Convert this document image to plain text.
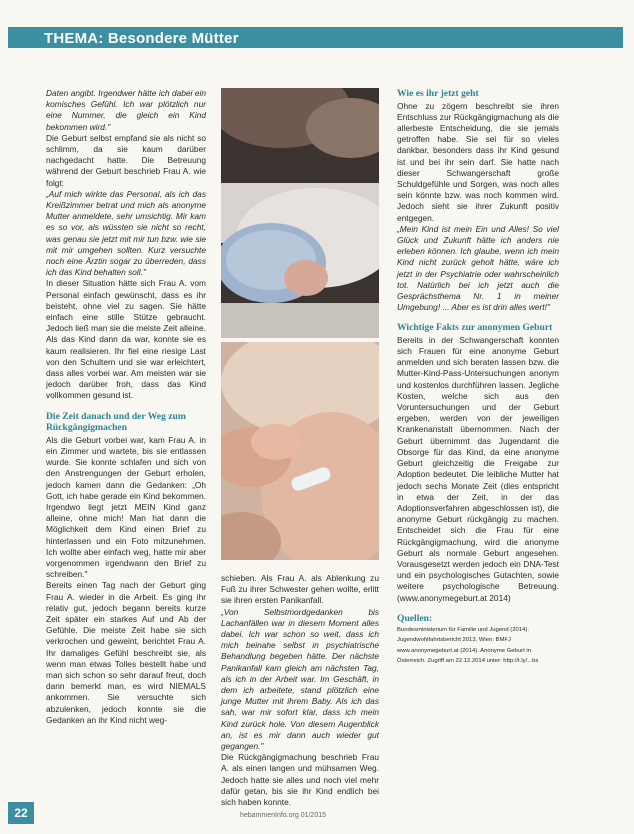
THEMA: Besondere Mütter

Daten angibt. Irgendwer hätte ich dabei ein komisches Gefühl. Ich war plötzlich nur eine Nummer, die gleich ein Kind bekommen wird."

Die Geburt selbst empfand sie als nicht so schlimm, da sie kaum darüber nachgedacht hatte. Die Betreuung während der Geburt beschrieb Frau A. wie folgt:

„Auf mich wirkte das Personal, als ich das Kreißzimmer betrat und mich als anonyme Mutter anmeldete, sehr umsichtig. Mir kam es so vor, als wüssten sie nicht so recht, was genau sie jetzt mit mir tun bzw. wie sie mit mir umgehen sollten. Kurz versuchte noch eine Ärztin sogar zu überreden, dass ich das Kind behalten soll."

In dieser Situation hätte sich Frau A. vom Personal einfach gewünscht, dass es ihr beisteht, ohne viel zu sagen. Sie hätte einfach eine stille Stütze gebraucht. Jedoch ließ man sie die meiste Zeit alleine. Als das Kind dann da war, konnte sie es kaum realisieren. Ihr fiel eine riesige Last von den Schultern und sie war erleichtert, dass alles vorbei war. Am meisten war sie jedoch darüber froh, dass das Kind vollkommen gesund ist.

Die Zeit danach und der Weg zum Rückgängigmachen

Als die Geburt vorbei war, kam Frau A. in ein Zimmer und wartete, bis sie entlassen wurde. Sie konnte schlafen und sich von den Anstrengungen der Geburt erholen, jedoch kamen dann die Gedanken: „Oh Gott, ich habe gerade ein Kind bekommen. Irgendwo liegt jetzt MEIN Kind ganz alleine, ohne mich! Man hat dann die Möglichkeit dem Kind einen Brief zu hinterlassen und ein Foto mitzunehmen. Ich wollte aber einfach weg, hatte mir aber vorgenommen irgendwann den Brief zu schreiben."

Bereits einen Tag nach der Geburt ging Frau A. wieder in die Arbeit. Es ging ihr relativ gut, jedoch begann bereits kurze Zeit später ein starkes Auf und Ab der Gefühle. Die meiste Zeit habe sie sich verkrochen und geweint, berichtet Frau A. Ihr damaliges Gefühl beschreibt sie, als wenn man etwas Tolles bestellt habe und man sich schon so sehr darauf freut, doch dann bemerkt man, es wird NIEMALS ankommen. Sie versuchte sich abzulenken, jedoch konnte sie die Gedanken an ihr Kind nicht weg-

schieben. Als Frau A. als Ablenkung zu Fuß zu ihrer Schwester gehen wollte, erlitt sie ihren ersten Panikanfall.

„Von Selbstmordgedanken bis Lachanfällen war in diesem Moment alles dabei. Ich war schon so weit, dass ich mich beinahe selbst in psychiatrische Behandlung begeben hätte. Der nächste Panikanfall kam gleich am nächsten Tag, als ich in der Arbeit war. Im Geschäft, in dem ich arbeitete, stand plötzlich eine junge Mutter mit ihrem Baby. Als ich das sah, war mir sofort klar, dass ich mein Kind zurück hole. Von diesem Augenblick an, ist es mir dann auch wieder gut gegangen."

Die Rückgängigmachung beschrieb Frau A. als einen langen und mühsamen Weg. Jedoch hatte sie alles und noch viel mehr dafür getan, bis sie ihr Kind endlich bei sich haben konnte.

Wie es ihr jetzt geht

Ohne zu zögern beschreibt sie ihren Entschluss zur Rückgängigmachung als die allerbeste Entscheidung, die sie jemals getroffen habe. Sie sei für so vieles dankbar, besonders dass ihr Kind gesund ist und bei ihr sein darf. Sie hatte nach dieser Schwangerschaft große Schuldgefühle und Sorgen, was noch alles sein könnte bzw. was noch kommen wird. Jedoch sieht sie ihrer Zukunft positiv entgegen.

„Mein Kind ist mein Ein und Alles! So viel Glück und Zukunft hätte ich anders nie erleben können. Ich glaube, wenn ich mein Kind nicht zurück geholt hätte, wäre ich jetzt in der Psychiatrie oder wahrscheinlich tot. Natürlich bei ich jetzt auch die Gesprächsthema Nr. 1 in meiner Umgebung! ... Aber es ist drin alles wert!"

Wichtige Fakts zur anonymen Geburt

Bereits in der Schwangerschaft konnten sich Frauen für eine anonyme Geburt anmelden und sich beraten lassen bzw. die Mutter-Kind-Pass-Untersuchungen anonym und kostenlos durchführen lassen. Jegliche Kosten, welche sich aus den Voruntersuchungen und der Geburt ergeben, werden von der jeweiligen Krankenanstalt übernommen. Nach der Geburt übernimmt das Jugendamt die Obsorge für das Kind, da eine anonyme Geburt gleichzeitig die Freigabe zur Adoption bedeutet. Die leibliche Mutter hat jedoch sechs Monate Zeit (dies entspricht in etwa der Zeit, in der das Adoptionsverfahren abgeschlossen ist), die anonyme Geburt rückgängig zu machen. Entscheidet sich die Frau für eine Rückgängigmachung, wird die anonyme Geburt als normale Geburt angesehen. Vorausgesetzt werden jedoch ein DNA-Test und ein psychologisches Gutachten, sowie weitere psychologische Betreuung. (www.anonymegeburt.at 2014)

Quellen:

Bundesministerium für Familie und Jugend (2014). Jugendwohlfahrtsbericht 2013. Wien: BMFJ

www.anonymegeburt.at (2014). Anonyme Geburt in Österreich. Zugriff am 22.12.2014 unter: http://t.ly/...bs

22	hebammenInfo.org 01/2015
